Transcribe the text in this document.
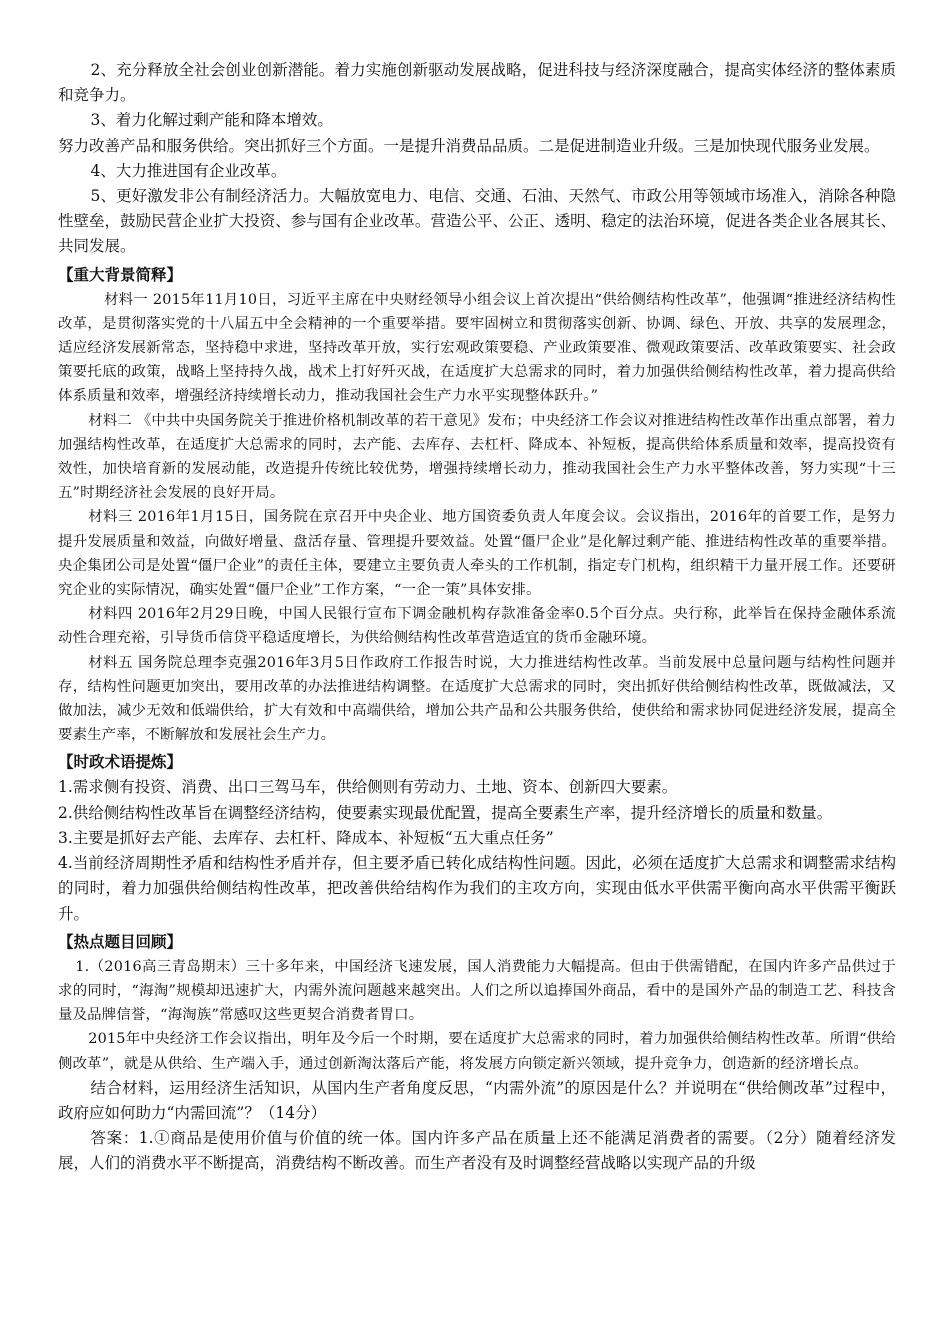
2、充分释放全社会创业创新潜能。着力实施创新驱动发展战略，促进科技与经济深度融合，提高实体经济的整体素质和竞争力。

3、着力化解过剩产能和降本增效。

努力改善产品和服务供给。突出抓好三个方面。一是提升消费品品质。二是促进制造业升级。三是加快现代服务业发展。

4、大力推进国有企业改革。

5、更好激发非公有制经济活力。大幅放宽电力、电信、交通、石油、天然气、市政公用等领域市场准入，消除各种隐性壁垒，鼓励民营企业扩大投资、参与国有企业改革。营造公平、公正、透明、稳定的法治环境，促进各类企业各展其长、共同发展。

【重大背景简释】

材料一 2015年11月10日，习近平主席在中央财经领导小组会议上首次提出“供给侧结构性改革”，他强调“推进经济结构性改革，是贯彻落实党的十八届五中全会精神的一个重要举措。要牢固树立和贯彻落实创新、协调、绿色、开放、共享的发展理念，适应经济发展新常态，坚持稳中求进，坚持改革开放，实行宏观政策要稳、产业政策要准、微观政策要活、改革政策要实、社会政策要托底的政策，战略上坚持持久战，战术上打好歼灭战，在适度扩大总需求的同时，着力加强供给侧结构性改革，着力提高供给体系质量和效率，增强经济持续增长动力，推动我国社会生产力水平实现整体跃升。”

材料二 《中共中央国务院关于推进价格机制改革的若干意见》发布；中央经济工作会议对推进结构性改革作出重点部署，着力加强结构性改革，在适度扩大总需求的同时，去产能、去库存、去杠杆、降成本、补短板，提高供给体系质量和效率，提高投资有效性，加快培育新的发展动能，改造提升传统比较优势，增强持续增长动力，推动我国社会生产力水平整体改善，努力实现“十三五”时期经济社会发展的良好开局。

材料三 2016年1月15日，国务院在京召开中央企业、地方国资委负责人年度会议。会议指出，2016年的首要工作，是努力提升发展质量和效益，向做好增量、盘活存量、管理提升要效益。处置“僵尸企业”是化解过剩产能、推进结构性改革的重要举措。央企集团公司是处置“僵尸企业”的责任主体，要建立主要负责人牵头的工作机制，指定专门机构，组织精干力量开展工作。还要研究企业的实际情况，确实处置“僵尸企业”工作方案，“一企一策”具体安排。

材料四 2016年2月29日晚，中国人民银行宣布下调金融机构存款准备金率0.5个百分点。央行称，此举旨在保持金融体系流动性合理充裕，引导货币信贷平稳适度增长，为供给侧结构性改革营造适宜的货币金融环境。

材料五 国务院总理李克强2016年3月5日作政府工作报告时说，大力推进结构性改革。当前发展中总量问题与结构性问题并存，结构性问题更加突出，要用改革的办法推进结构调整。在适度扩大总需求的同时，突出抓好供给侧结构性改革，既做减法，又做加法，减少无效和低端供给，扩大有效和中高端供给，增加公共产品和公共服务供给，使供给和需求协同促进经济发展，提高全要素生产率，不断解放和发展社会生产力。

【时政术语提炼】

1.需求侧有投资、消费、出口三驾马车，供给侧则有劳动力、土地、资本、创新四大要素。

2.供给侧结构性改革旨在调整经济结构，使要素实现最优配置，提高全要素生产率，提升经济增长的质量和数量。

3.主要是抓好去产能、去库存、去杠杆、降成本、补短板“五大重点任务”

4.当前经济周期性矛盾和结构性矛盾并存，但主要矛盾已转化成结构性问题。因此，必须在适度扩大总需求和调整需求结构的同时，着力加强供给侧结构性改革，把改善供给结构作为我们的主攻方向，实现由低水平供需平衡向高水平供需平衡跃升。

【热点题目回顾】

1.（2016高三青岛期末）三十多年来，中国经济飞速发展，国人消费能力大幅提高。但由于供需错配，在国内许多产品供过于求的同时，“海淘”规模却迅速扩大，内需外流问题越来越突出。人们之所以追捧国外商品，看中的是国外产品的制造工艺、科技含量及品牌信誉，“海淘族”常感叹这些更契合消费者胃口。

2015年中央经济工作会议指出，明年及今后一个时期，要在适度扩大总需求的同时，着力加强供给侧结构性改革。所谓“供给侧改革”，就是从供给、生产端入手，通过创新淘汰落后产能，将发展方向锁定新兴领域，提升竞争力，创造新的经济增长点。

结合材料，运用经济生活知识，从国内生产者角度反思，“内需外流”的原因是什么？并说明在“供给侧改革”过程中，政府应如何助力“内需回流”？（14分）

答案：1.①商品是使用价值与价值的统一体。国内许多产品在质量上还不能满足消费者的需要。（2分）随着经济发展，人们的消费水平不断提高，消费结构不断改善。而生产者没有及时调整经营战略以实现产品的升级
